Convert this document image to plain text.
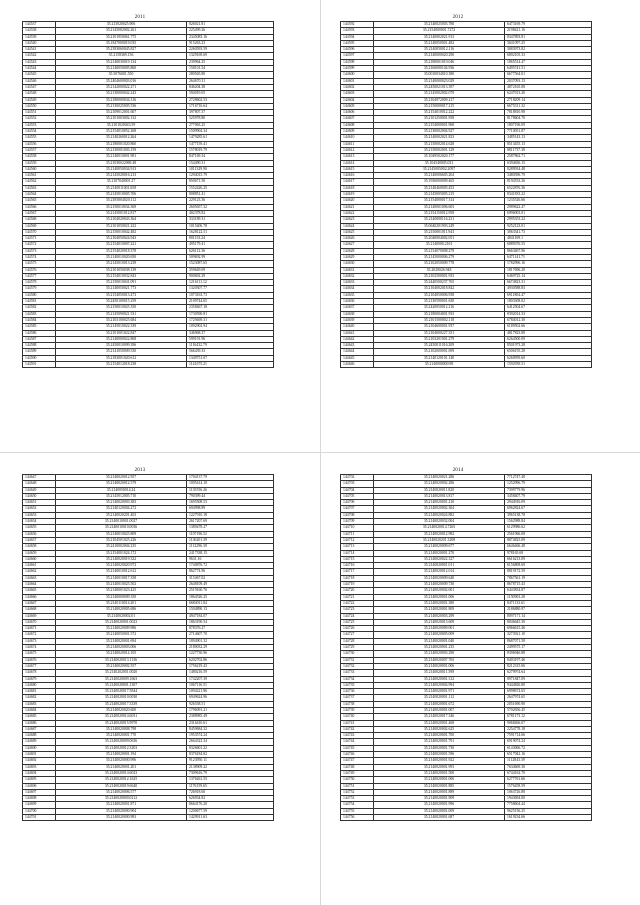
2011
144537	35.213020025.906	826021.81
144538	35.2145082002.261	225499.26
144539	35.2101950061.775	2345083.16
144540	35.1847000019.035	915263.23
144541	35.2393060045.827	2260593.59
144542	35.2158369.156	1329169.69
144543	35.2140030019.134	239964.25
144544	35.2140050005.860	158101.54
144545	35.5076001.550	280565.80
144546	35.2404600003.016	264670.31
144547	35.2142000022.271	846204.38
144548	35.2130000042.243	594019.05
144549	35.2180000034.316	2728602.53
144550	35.2130025005.536	1716716.64
144551	35.2109012001.607	397807.37
144552	35.2101003002.132	525978.80
144553	35.2101020043.59	277063.25
144554	35.2154010052.268	1509904.34
144555	35.2140260012.264	1479285.61
144556	35.2180001020.860	1477159.41
144557	35.2130001003.159	1578019.79
144558	35.2140010001.981	847169.34
144559	35.21030022069.48	154490.31
144560	35.2140050034.913	1011329.90
144561	35.2145020016.213	1294015.79
144562	35.2107040001.27	850671.50
144563	35.2140011001.658	1552426.25
144564	35.2145010005.706	808851.41
144565	35.2185004020.112	229123.36
144566	35.2150010034.369	2605657.32
144567	35.2145001012.817	402378.82
144568	35.2104020043.364	333189.31
144569	35.2101050021.222	1015406.78
144570	35.2150010042.482	1628122.51
144571	35.2104050024.943	801153.24
144572	35.2154010007.221	495179.41
144573	35.2154020018.378	626112.36
144574	35.2140010020.650	509692.99
144575	35.2145010013.239	1523087.65
144576	35.2101050038.139	359649.09
144577	35.2154010032.843	900692.29
144578	35.2150010041.091	1216111.12
144579	35.2140050021.773	1320307.77
144580	35.2154050013.473	1073163.73
144581	35.2450100015.259	2109744.65
144582	35.2150010025.350	2358467.18
144583	35.2145090021.531	1730590.81
144584	35.2103100025.684	1729469.31
144585	35.2145010022.339	1092902.94
144586	35.2101001022.847	346968.37
144587	35.2140000022.868	599191.96
144588	35.2450010099.396	1116432.79
144589	35.2141050009.530	566439.33
144590	35.2183001020.612	1349751.07
144591	35.2154012018.238	1141675.21
2012
144592	35.2140025003.780	6473169.79
144593	35.2154000001.7272	2198421.16
144594	35.2140002021.913	8347893.81
144595	35.2140050001.482	3041097.25
144596	35.2140050012.116	3083973.82
144597	35.2140000020.290	6802105.33
144598	35.2180001019.046	1865514.47
144599	35.2160000104.936	6495741.51
144600	35.0010034010.380	6677564.01
144601	35.2140000023.029	2037093.13
144602	35.2450021013.397	4872165.08
144603	35.2145002002.079	6247013.20
144604	35.2104972009.217	2718209.14
144605	35.2150000017.215	6675311.32
144606	35.2154010012.222	7818810.98
144607	35.2101250001.958	8178604.70
144608	35.2154000001.968	1807196.09
144609	35.2130002004.927	7710051.87
144610	35.2140002021.823	3485143.13
144611	35.2150002014.628	8513455.13
144612	35.2150002001.129	8811737.38
144613	35.1049502020.177	2587862.71
144614	35.104540005.031	6394656.15
144615	35.2145005002.2097	8289934.48
144616	35.2140006605.204	3480396.79
144617	35.1930000009.465	8194533.26
144618	35.2140460005.453	6522876.36
144619	35.2145005005.215	8341833.22
144620	35.2154000017.314	1235526.66
144621	35.2140001006.603	2989622.47
144622	35.2154150012.958	6996003.01
144623	35.2140000116.231	2995353.22
144624	35.0640201903.249	9252123.01
144625	35.2150001011.943	3063341.73
144626	35.2040004002.051	4841169.1
144627	35.2140000.2161	6889376.55
144628	35.2154070008.279	8663467.96
144629	35.2145000006.279	6471141.71
144630	35.2102050009.778	1782996.16
144631	35.2020026.948	1817696.20
144632	35.2102500001.933	6469725.14
144633	35.2440500237.765	6674823.31
144634	35.2104002018.842	4930588.83
144635	35.2104050006.938	6911804.47
144636	35.2130590001.630	1803308.02
144637	35.2420050012.216	6412504.67
144638	35.2180004001.933	8392014.33
144639	35.2101500002.118	6784012.30
144640	35.2104600001.937	6189502.66
144641	35.2104000227.351	4817823.88
144642	35.2103201001.279	6264500.09
144643	35.2450011016.209	8501973.28
144644	35.2102000001.699	6506195.28
144645	35.2140120101.140	6260959.60
144646	35.2140000000.98	1592939.51
2013
144647	35.2140020012.957	1704137.79
144648	35.2140020012.579	1095414.10
144649	35.2140050014.24	1135556.26
144650	35.2145012005.710	790399.44
144651	35.2140020003.383	1695508.53
144652	35.2140120004.272	694998.89
144653	35.2140020201.403	1227910.18
144654	35.2140010001.0027	2617207.69
144655	35.2140010010.0036	1389478.27
144656	35.2140010025.809	1107196.52
144657	35.2104501025.226	1136201.39
144658	35.2410002004.235	1112296.39
144659	35.2154001024.172	2417338.15
144660	35.2140020019.322	9631.16
144661	35.2140020020.972	1740876.72
144662	35.2140010012.612	862774.96
144663	35.2140010017.358	315467.02
144664	35.2140010025.502	2648109.49
144665	35.2140001023.425	2519160.76
144666	35.2140000009.350	1864526.25
144667	35.2140110014.201	6684011.84
144668	35.2140020005.686	1504890.13
144669	35.2140020002.01	4947184.07
144670	35.2140020001.0023	1863190.54
144671	35.2140020009.986	878376.27
144672	35.2140050001.572	2714607.70
144673	35.2140020001.694	1894901.32
144674	35.2140020003.006	2180032.29
144675	35.2140020014.105	1227730.96
144676	35.2140020013.1136	6202702.86
144677	35.2140020002.557	1756219.43
144678	35.2140202001.0020	1480216.59
144679	35.2140020009.1663	1742207.39
144680	35.2140020001.1307	1067116.51
144681	35.2140020017.5844	1094221.86
144682	35.2140020010.0030	6949624.96
144683	35.2140020017.3339	926538.51
144684	35.2140020020.600	1796091.21
144685	35.2140020014.6031	2388985.49
144686	35.2140020015.9970	2316410.61
144687	35.2140020008.798	8459684.32
144688	35.2140020001.770	1953574.24
144689	35.2140020009.0636	2664322.34
144690	35.2140020012.3203	8326601.22
144691	35.2140020001.194	8376184.82
144692	35.2140020000.996	9123950.11
144693	35.2140020001.201	2138909.22
144694	35.2140020014.6023	7309616.79
144695	35.2140020012.1625	1376261.55
144696	35.2140020019.6640	1176159.65
144697	35.2140020006.577	726918.60
144698	35.2140020000.0212	626934.82
144699	35.2140020001.871	8664176.20
144700	35.2140020000.904	1200677.59
144701	35.2140020000.983	1429911.63
2014
144702	35.2140020021.286	7712747.48
144703	35.2140020002.286	1252996.79
144704	35.2140020011.820	7399779.96
144705	35.2140020013.817	3458407.79
144706	35.2140020001.210	2944916.09
144707	35.2140020002.304	6962824.67
144708	35.2140020024.882	3965138.78
144709	35.2140020032.004	1562988.84
144710	35.2140020014.7265	6129986.62
144711	35.2140020012.982	2561966.08
144712	35.2140020201.3208	8874825.09
144713	35.2140020009.677	6646466.48
144714	35.2140020001.270	978165.69
144715	35.2140020022.327	6616213.09
144716	35.2140020001.011	6156808.69
144717	35.2140020012.014	8819172.59
144718	35.2140020009.640	7867561.19
144719	35.2140020009.730	8678715.43
144720	35.2140020002.001	6443834.87
144721	35.2140020001.006	1150903.28
144722	35.2140020001.380	8471133.61
144723	35.2140020001.809	2186880.97
144724	35.2140020003.299	8097171.14
144725	35.2140020015.609	8046645.30
144726	35.2140020009.001	6966615.46
144727	35.2140020005.009	3273921.10
144728	35.2140020001.040	8687071.58
144729	35.2140020001.235	2499575.17
144730	35.2140020003.290	8396946.88
144731	35.2140020007.765	8403197.46
144732	35.2140020001.006	8212315.06
144733	35.2140020011.598	6279974.64
144734	35.2140020001.312	8971847.09
144735	35.2140020004.994	9444826.80
144736	35.2140020001.971	6998674.65
144737	35.2140020001.112	2647974.65
144738	35.2140020001.672	2051690.90
144739	35.2140020001.007	5702656.45
144740	35.2140020017.346	6781173.12
144741	35.2140020001.468	9068466.07
144742	35.2140020002.625	2254778.18
144743	35.2140020001.700	7591714.66
144744	35.2140020001.791	6919074.24
144745	35.2140020001.730	6143066.72
144746	35.2140020001.596	6517942.16
144747	35.2140020001.922	1112843.39
144748	35.2140020001.993	7634669.30
144749	35.2140020001.500	6744162.70
144750	35.2140020001.006	6277761.66
144751	35.2140020001.885	1576458.59
144752	35.2140020001.889	1063726.88
144753	35.2140020001.909	1943694.00
144754	35.2140020001.996	7758604.44
144755	35.2140020001.009	9625156.25
144756	35.2140020001.687	1619234.66
